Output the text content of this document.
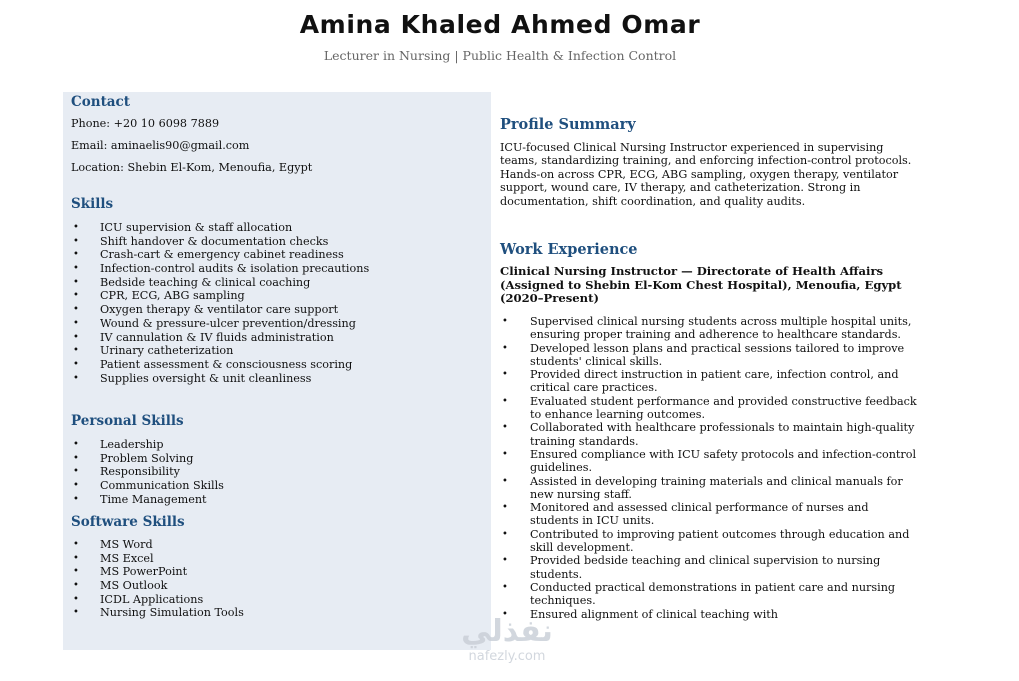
Amina Khaled Ahmed Omar
Lecturer in Nursing | Public Health & Infection Control
Contact

Phone: +20 10 6098 7889

Email: aminaelis90@gmail.com

Location: Shebin El-Kom, Menoufia, Egypt

Skills
• ICU supervision & staff allocation
• Shift handover & documentation checks
• Crash-cart & emergency cabinet readiness
• Infection-control audits & isolation precautions
• Bedside teaching & clinical coaching
• CPR, ECG, ABG sampling
• Oxygen therapy & ventilator care support
• Wound & pressure-ulcer prevention/dressing
• IV cannulation & IV fluids administration
• Urinary catheterization
• Patient assessment & consciousness scoring
• Supplies oversight & unit cleanliness
Personal Skills
• Leadership
• Problem Solving
• Responsibility
• Communication Skills
• Time Management
Software Skills
• MS Word
• MS Excel
• MS PowerPoint
• MS Outlook
• ICDL Applications
• Nursing Simulation Tools
Profile Summary

ICU-focused Clinical Nursing Instructor experienced in supervising teams, standardizing training, and enforcing infection-control protocols. Hands-on across CPR, ECG, ABG sampling, oxygen therapy, ventilator support, wound care, IV therapy, and catheterization. Strong in documentation, shift coordination, and quality audits.

Work Experience

Clinical Nursing Instructor — Directorate of Health Affairs (Assigned to Shebin El-Kom Chest Hospital), Menoufia, Egypt (2020–Present)

• Supervised clinical nursing students across multiple hospital units, ensuring proper training and adherence to healthcare standards.
• Developed lesson plans and practical sessions tailored to improve students' clinical skills.
• Provided direct instruction in patient care, infection control, and critical care practices.
• Evaluated student performance and provided constructive feedback to enhance learning outcomes.
• Collaborated with healthcare professionals to maintain high-quality training standards.
• Ensured compliance with ICU safety protocols and infection-control guidelines.
• Assisted in developing training materials and clinical manuals for new nursing staff.
• Monitored and assessed clinical performance of nurses and students in ICU units.
• Contributed to improving patient outcomes through education and skill development.
• Provided bedside teaching and clinical supervision to nursing students.
• Conducted practical demonstrations in patient care and nursing techniques.
• Ensured alignment of clinical teaching with
نفذلي
nafezly.com
